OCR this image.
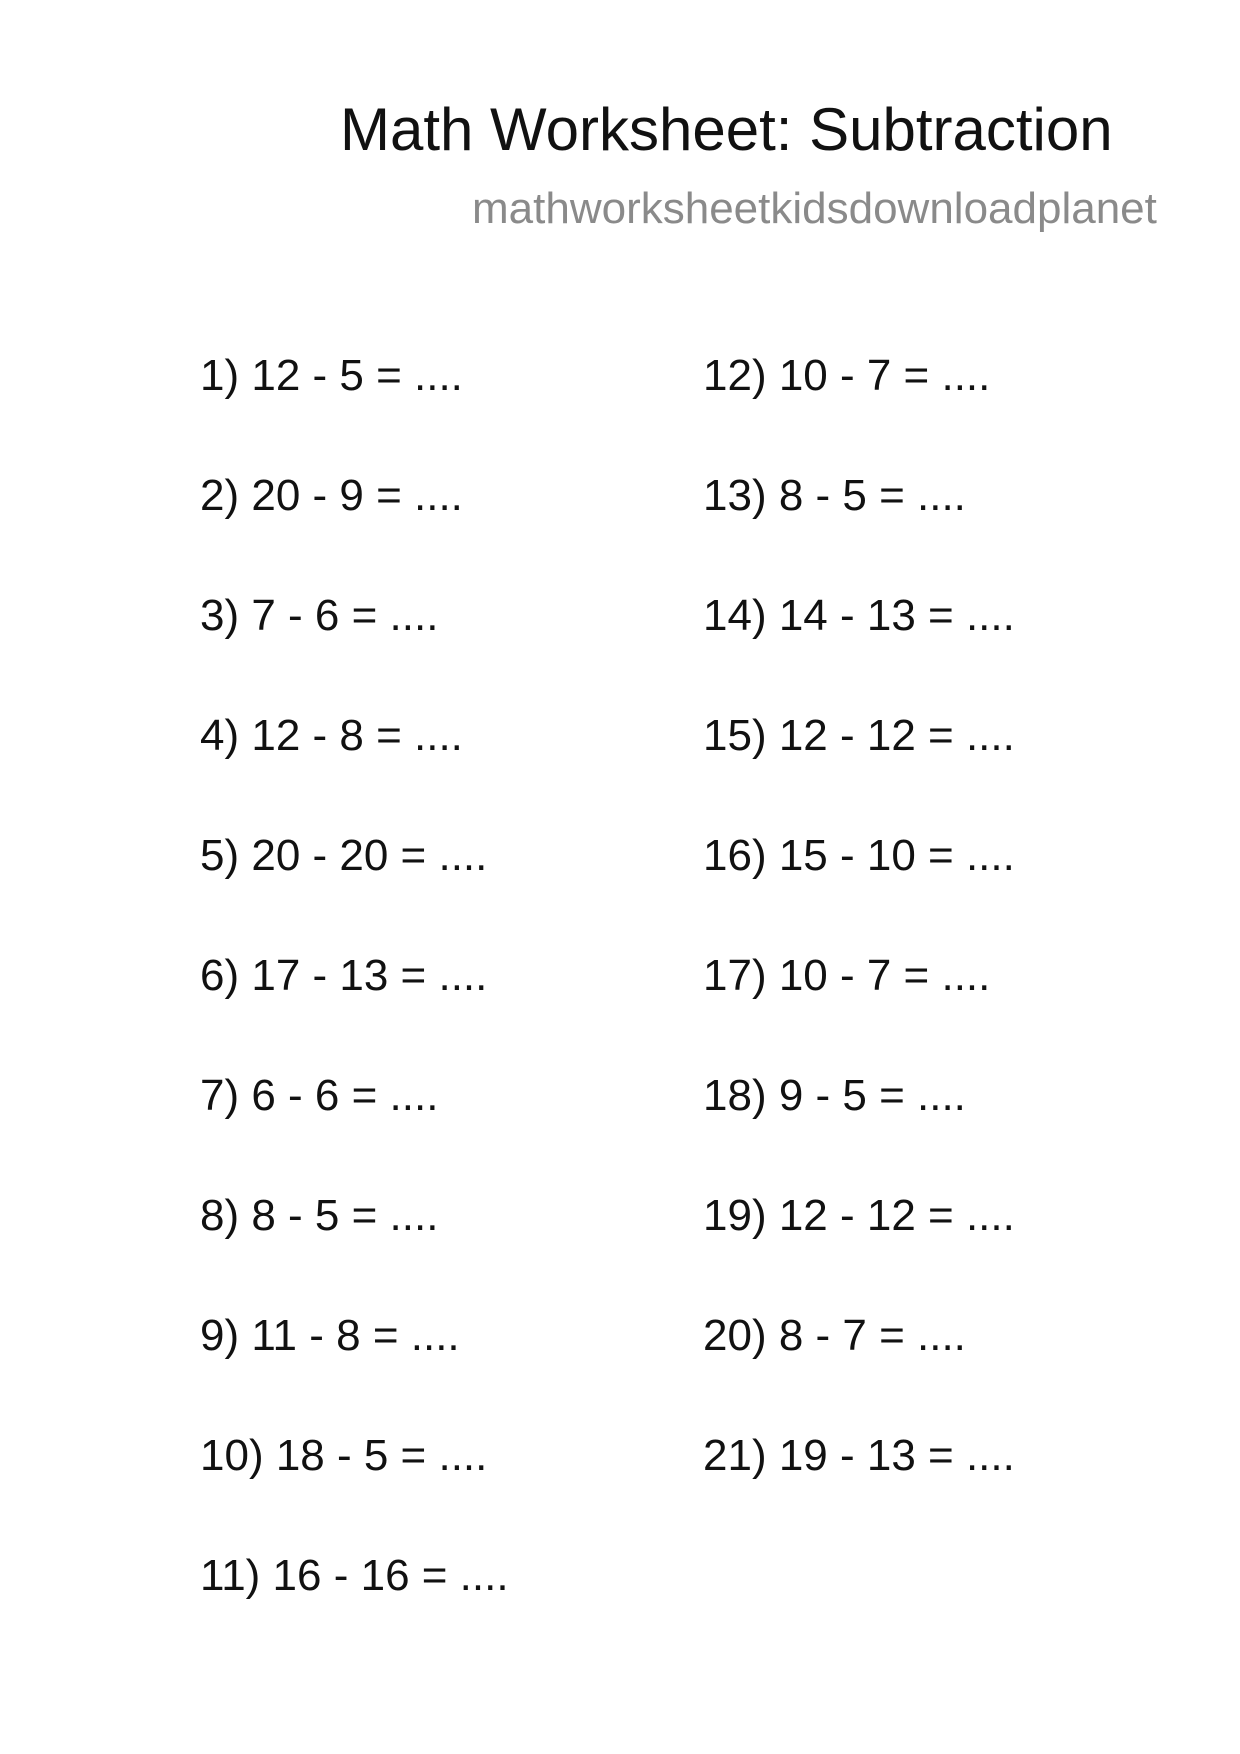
Math Worksheet: Subtraction
mathworksheetkidsdownloadplanet
1) 12 - 5 = ....
2) 20 - 9 = ....
3) 7 - 6 = ....
4) 12 - 8 = ....
5) 20 - 20 = ....
6) 17 - 13 = ....
7) 6 - 6 = ....
8) 8 - 5 = ....
9) 11 - 8 = ....
10) 18 - 5 = ....
11) 16 - 16 = ....
12) 10 - 7 = ....
13) 8 - 5 = ....
14) 14 - 13 = ....
15) 12 - 12 = ....
16) 15 - 10 = ....
17) 10 - 7 = ....
18) 9 - 5 = ....
19) 12 - 12 = ....
20) 8 - 7 = ....
21) 19 - 13 = ....
